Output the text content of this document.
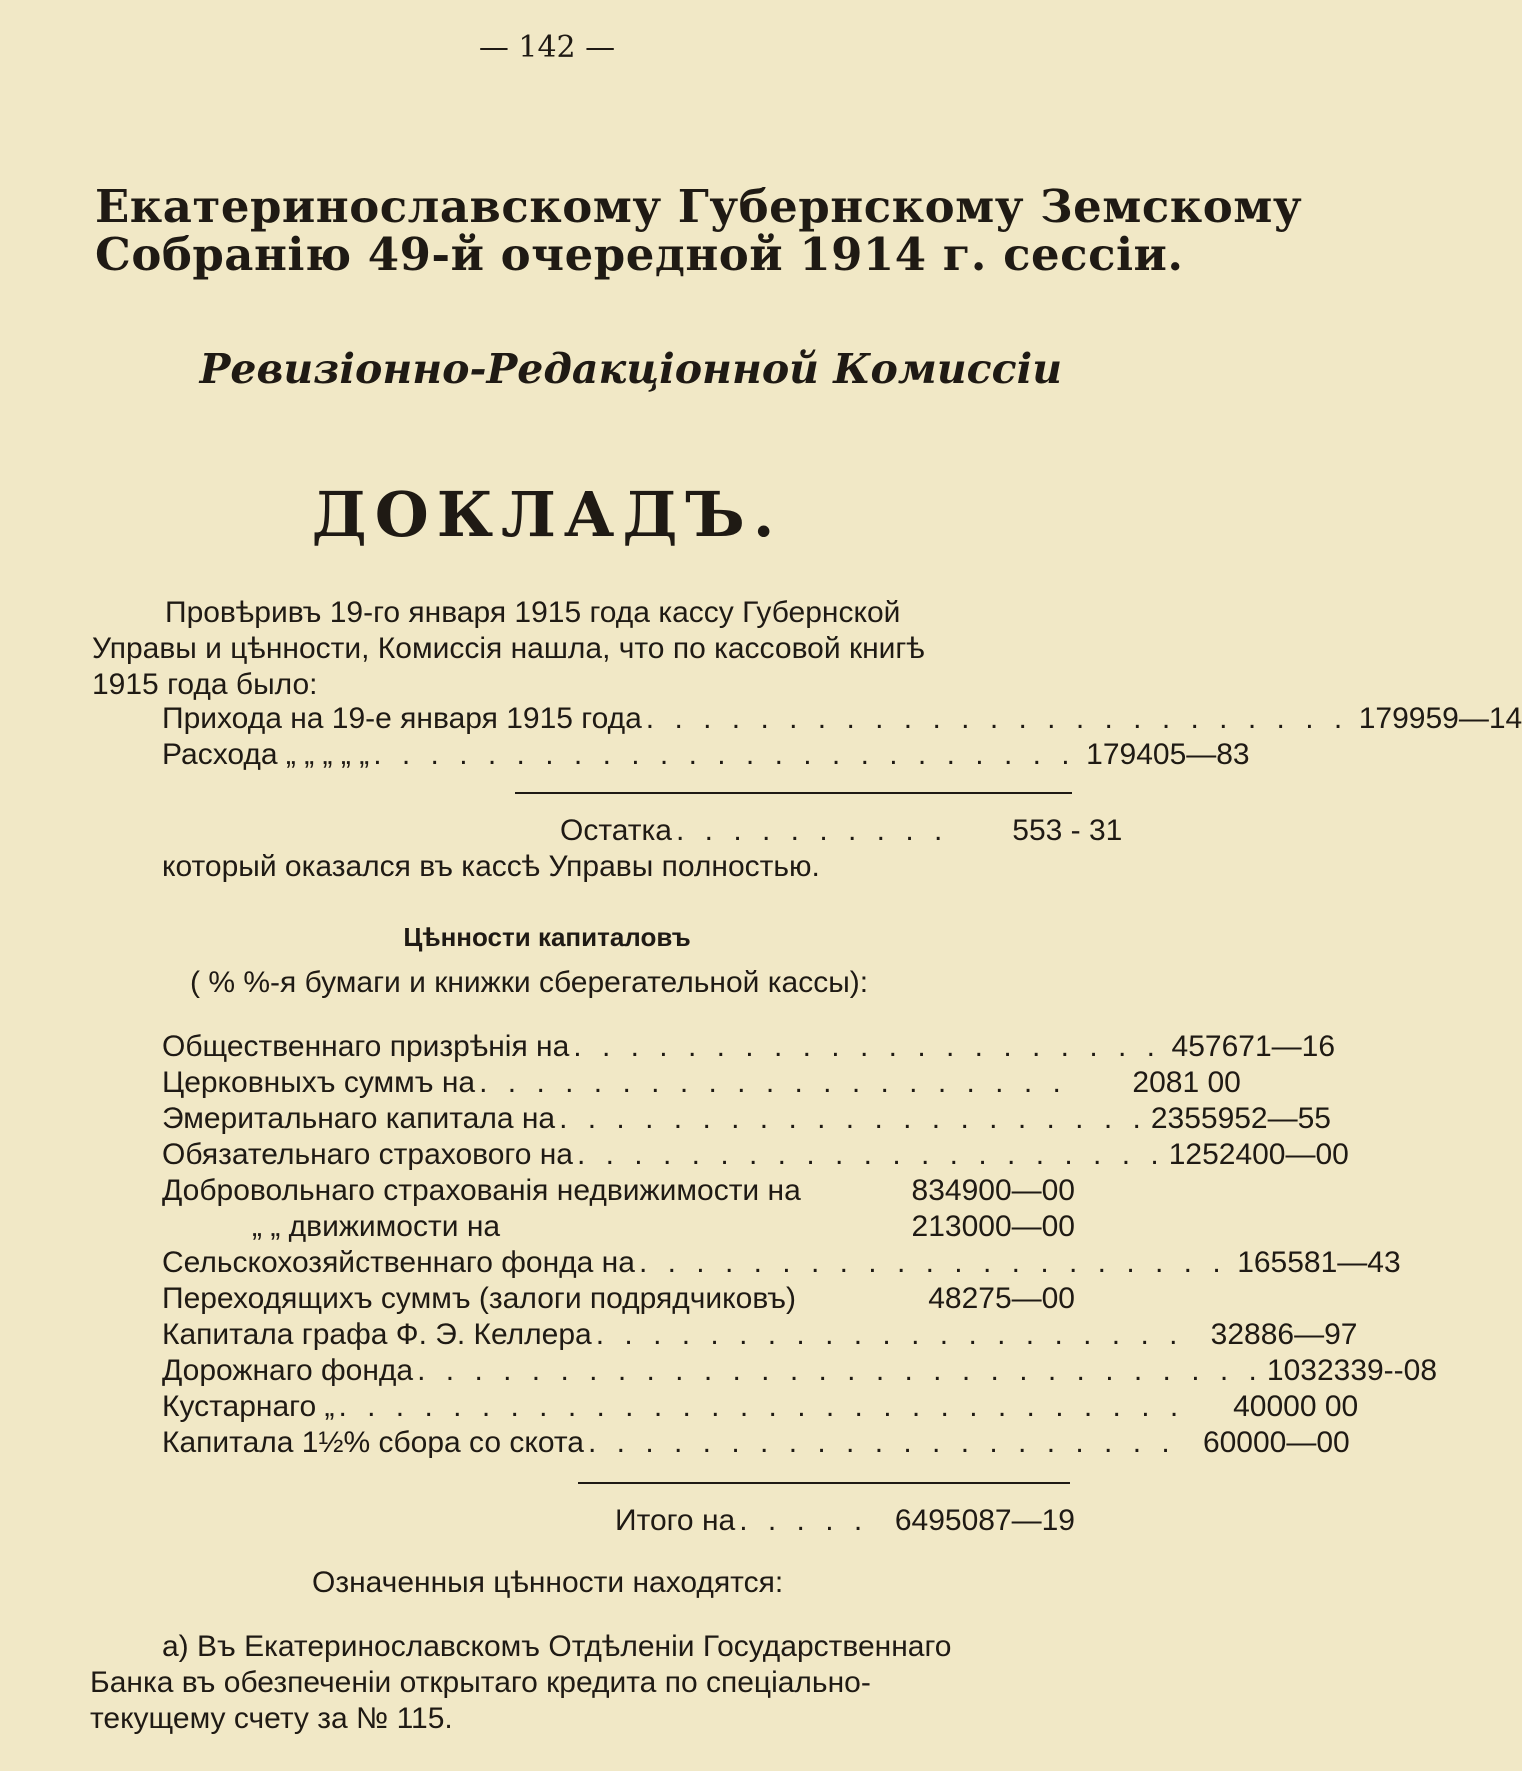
— 142 —
Екатеринославскому Губернскому Земскому
Собранію 49-й очередной 1914 г. сессіи.
Ревизіонно-Редакціонной Комиссіи
ДОКЛАДЪ.
Провѣривъ 19-го января 1915 года кассу Губернской
Управы и цѣнности, Комиссія нашла, что по кассовой книгѣ
1915 года было:
Прихода на 19-е января 1915 года . . . . . . . . . . . . . . . . . . . . . . . . . 179959—14
Расхода „ „ „ „ „ . . . . . . . . . . . . . . . . . . . . . . . . . 179405—83
Остатка . . . . . . . . . .	553 - 31
который оказался въ кассѣ Управы полностью.
Цѣнности капиталовъ
( % %-я бумаги и книжки сберегательной кассы):
Общественнаго призрѣнія на . . . . . . . . . . . . . . . . . . . . . 457671—16
Церковныхъ суммъ на . . . . . . . . . . . . . . . . . . . . .	2081 00
Эмеритальнаго капитала на . . . . . . . . . . . . . . . . . . . . . 2355952—55
Обязательнаго страхового на . . . . . . . . . . . . . . . . . . . . . 1252400—00
Добровольнаго страхованія недвижимости на	834900—00
„ „ движимости на	213000—00
Сельскохозяйственнаго фонда на . . . . . . . . . . . . . . . . . . . . . 165581—43
Переходящихъ суммъ (залоги подрядчиковъ)	48275—00
Капитала графа Ф. Э. Келлера . . . . . . . . . . . . . . . . . . . . . 32886—97
Дорожнаго фонда . . . . . . . . . . . . . . . . . . . . . . . . . . . . . . 1032339--08
Кустарнаго „ . . . . . . . . . . . . . . . . . . . . . . . . . . . . . .	40000 00
Капитала 1½% сбора со скота . . . . . . . . . . . . . . . . . . . . . 60000—00
Итого на . . . . . 6495087—19
Означенныя цѣнности находятся:
а) Въ Екатеринославскомъ Отдѣленіи Государственнаго
Банка въ обезпеченіи открытаго кредита по спеціально-
текущему счету за № 115.
